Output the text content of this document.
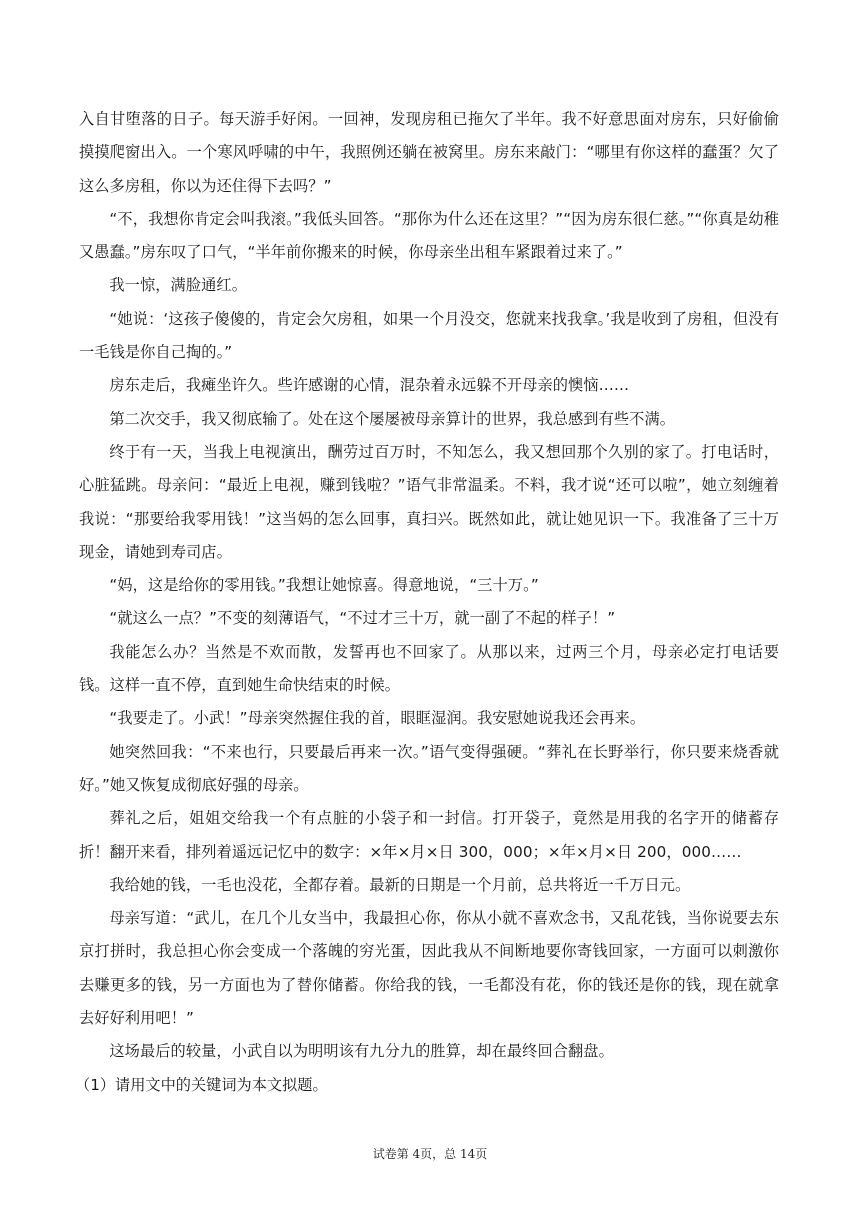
入自甘堕落的日子。每天游手好闲。一回神，发现房租已拖欠了半年。我不好意思面对房东，只好偷偷摸摸爬窗出入。一个寒风呼啸的中午，我照例还躺在被窝里。房东来敲门：“哪里有你这样的蠢蛋？欠了这么多房租，你以为还住得下去吗？”

“不，我想你肯定会叫我滚。”我低头回答。“那你为什么还在这里？”“因为房东很仁慈。”“你真是幼稚又愚蠢。”房东叹了口气，“半年前你搬来的时候，你母亲坐出租车紧跟着过来了。”

我一惊，满脸通红。

“她说：‘这孩子傻傻的，肯定会欠房租，如果一个月没交，您就来找我拿。’我是收到了房租，但没有一毛钱是你自己掏的。”

房东走后，我瘫坐许久。些许感谢的心情，混杂着永远躲不开母亲的懊恼……

第二次交手，我又彻底输了。处在这个屡屡被母亲算计的世界，我总感到有些不满。

终于有一天，当我上电视演出，酬劳过百万时，不知怎么，我又想回那个久别的家了。打电话时，心脏猛跳。母亲问：“最近上电视，赚到钱啦？”语气非常温柔。不料，我才说“还可以啦”，她立刻缠着我说：“那要给我零用钱！”这当妈的怎么回事，真扫兴。既然如此，就让她见识一下。我准备了三十万现金，请她到寿司店。

“妈，这是给你的零用钱。”我想让她惊喜。得意地说，“三十万。”

“就这么一点？”不变的刻薄语气，“不过才三十万，就一副了不起的样子！”

我能怎么办？当然是不欢而散，发誓再也不回家了。从那以来，过两三个月，母亲必定打电话要钱。这样一直不停，直到她生命快结束的时候。

“我要走了。小武！”母亲突然握住我的首，眼眶湿润。我安慰她说我还会再来。

她突然回我：“不来也行，只要最后再来一次。”语气变得强硬。“葬礼在长野举行，你只要来烧香就好。”她又恢复成彻底好强的母亲。

葬礼之后，姐姐交给我一个有点脏的小袋子和一封信。打开袋子，竟然是用我的名字开的储蓄存折！翻开来看，排列着遥远记忆中的数字：×年×月×日 300，000；×年×月×日 200，000……

我给她的钱，一毛也没花，全都存着。最新的日期是一个月前，总共将近一千万日元。

母亲写道：“武儿，在几个儿女当中，我最担心你，你从小就不喜欢念书，又乱花钱，当你说要去东京打拼时，我总担心你会变成一个落魄的穷光蛋，因此我从不间断地要你寄钱回家，一方面可以刺激你去赚更多的钱，另一方面也为了替你储蓄。你给我的钱，一毛都没有花，你的钱还是你的钱，现在就拿去好好利用吧！”

这场最后的较量，小武自以为明明该有九分九的胜算，却在最终回合翻盘。

（1）请用文中的关键词为本文拟题。

试卷第 4页，总 14页
